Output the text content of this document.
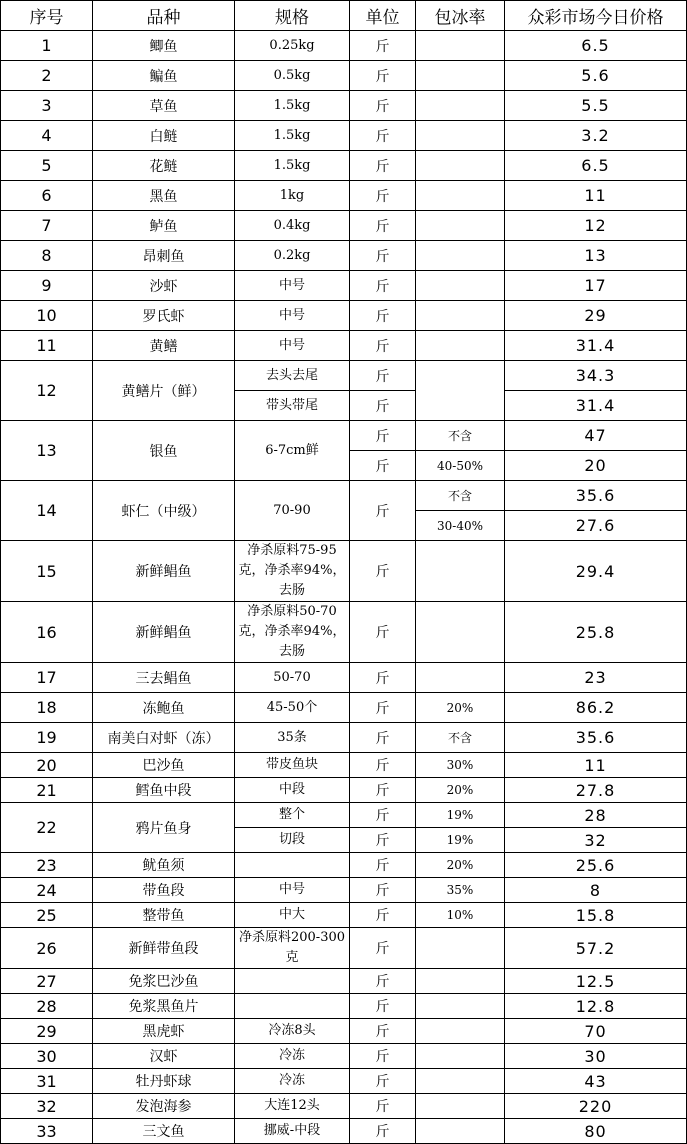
序号	品种	规格	单位	包冰率	众彩市场今日价格
1	鲫鱼	0.25kg	斤		6.5
2	鳊鱼	0.5kg	斤		5.6
3	草鱼	1.5kg	斤		5.5
4	白鲢	1.5kg	斤		3.2
5	花鲢	1.5kg	斤		6.5
6	黑鱼	1kg	斤		11
7	鲈鱼	0.4kg	斤		12
8	昂刺鱼	0.2kg	斤		13
9	沙虾	中号	斤		17
10	罗氏虾	中号	斤		29
11	黄鳝	中号	斤		31.4
12	黄鳝片（鲜）	去头去尾	斤		34.3
		带头带尾	斤		31.4
13	银鱼	6-7cm鲜	斤	不含	47
			斤	40-50%	20
14	虾仁（中级）	70-90	斤	不含	35.6
				30-40%	27.6
15	新鲜鲳鱼	净杀原料75-95克，净杀率94%，去肠	斤		29.4
16	新鲜鲳鱼	净杀原料50-70克，净杀率94%，去肠	斤		25.8
17	三去鲳鱼	50-70	斤		23
18	冻鲍鱼	45-50个	斤	20%	86.2
19	南美白对虾（冻）	35条	斤	不含	35.6
20	巴沙鱼	带皮鱼块	斤	30%	11
21	鳕鱼中段	中段	斤	20%	27.8
22	鸦片鱼身	整个	斤	19%	28
		切段	斤	19%	32
23	鱿鱼须		斤	20%	25.6
24	带鱼段	中号	斤	35%	8
25	整带鱼	中大	斤	10%	15.8
26	新鲜带鱼段	净杀原料200-300克	斤		57.2
27	免浆巴沙鱼		斤		12.5
28	免浆黑鱼片		斤		12.8
29	黑虎虾	冷冻8头	斤		70
30	汉虾	冷冻	斤		30
31	牡丹虾球	冷冻	斤		43
32	发泡海参	大连12头	斤		220
33	三文鱼	挪威-中段	斤		80
